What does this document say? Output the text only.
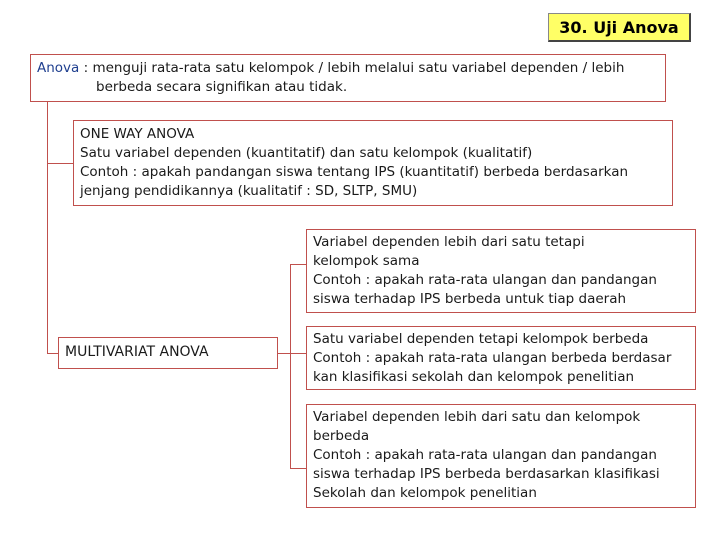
30. Uji Anova
Anova : menguji rata-rata satu kelompok / lebih melalui satu variabel dependen / lebih
berbeda secara signifikan atau tidak.
ONE WAY ANOVA
Satu variabel dependen (kuantitatif) dan satu kelompok (kualitatif)
Contoh : apakah pandangan siswa tentang IPS (kuantitatif) berbeda berdasarkan
jenjang pendidikannya (kualitatif : SD, SLTP, SMU)
MULTIVARIAT ANOVA
Variabel dependen lebih dari satu tetapi
kelompok sama
Contoh : apakah rata-rata ulangan dan pandangan
siswa terhadap IPS berbeda untuk tiap daerah
Satu variabel dependen tetapi kelompok berbeda
Contoh : apakah rata-rata ulangan berbeda berdasar
kan klasifikasi sekolah dan kelompok penelitian
Variabel dependen lebih dari satu dan kelompok
berbeda
Contoh : apakah rata-rata ulangan dan pandangan
siswa terhadap IPS berbeda berdasarkan klasifikasi
Sekolah dan kelompok penelitian
